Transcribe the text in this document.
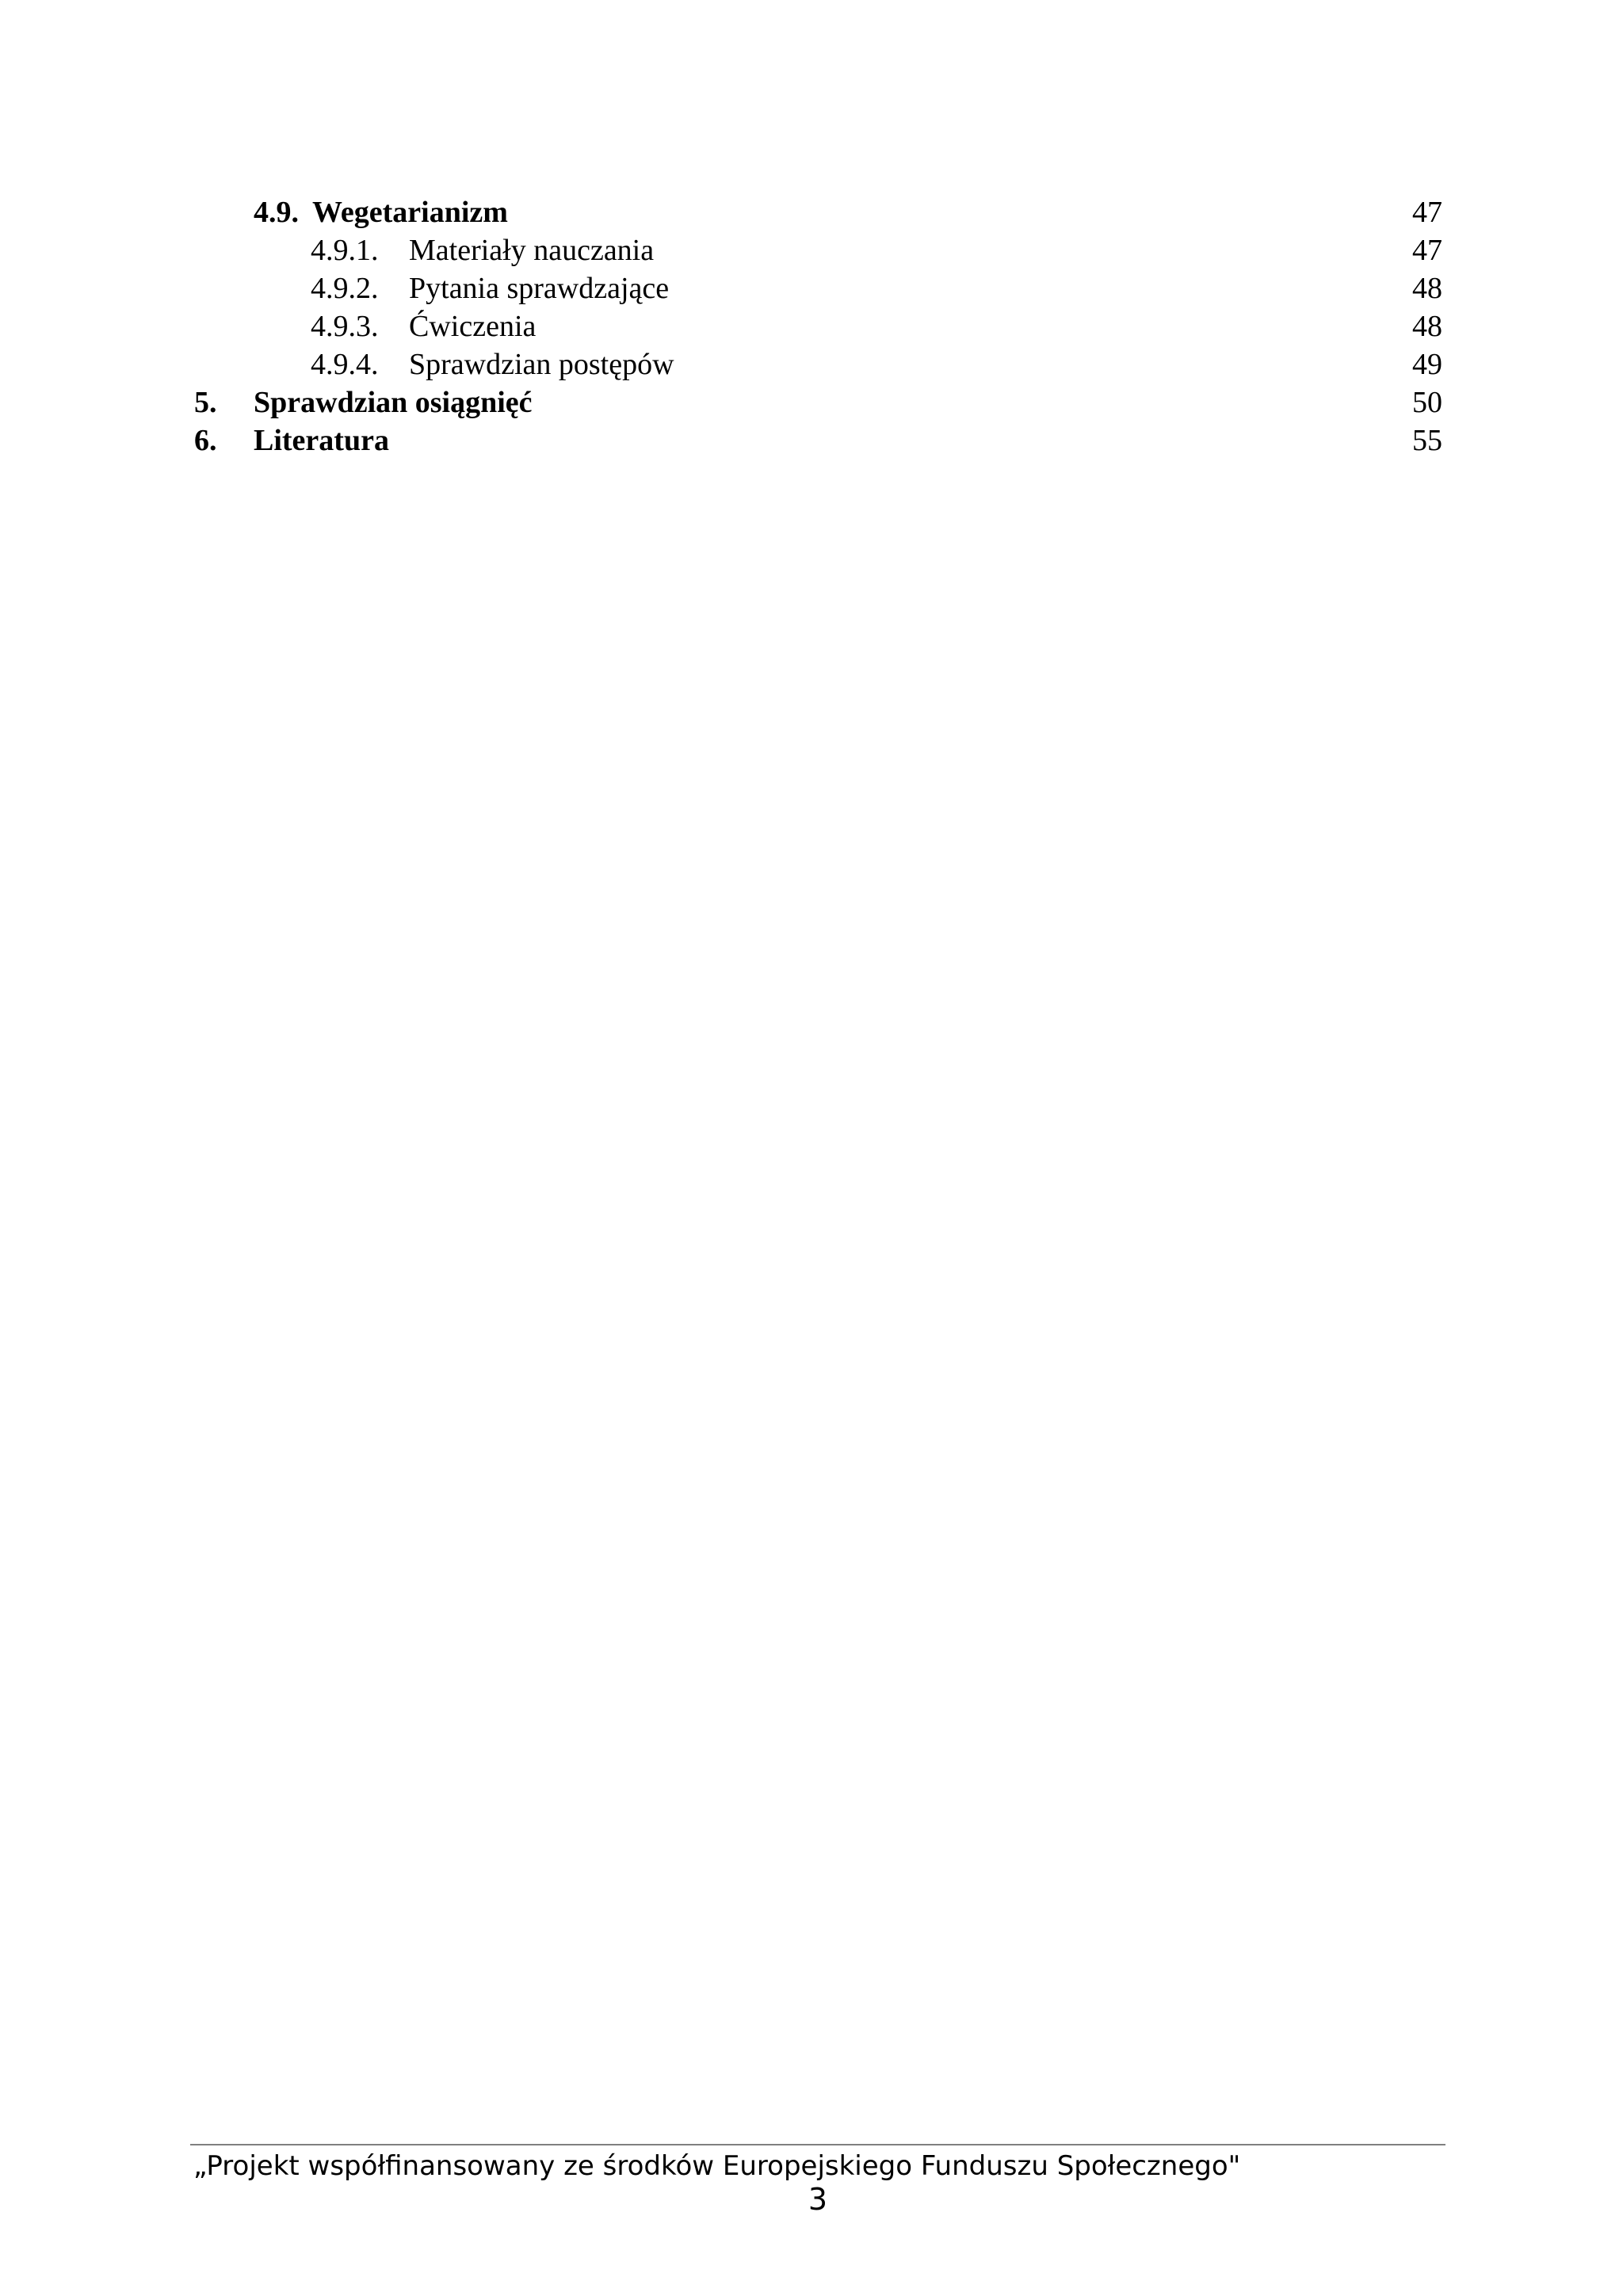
4.9. Wegetarianizm	47
4.9.1. Materiały nauczania	47
4.9.2. Pytania sprawdzające	48
4.9.3. Ćwiczenia	48
4.9.4. Sprawdzian postępów	49
5. Sprawdzian osiągnięć	50
6. Literatura	55
„Projekt współfinansowany ze środków Europejskiego Funduszu Społecznego"
3
